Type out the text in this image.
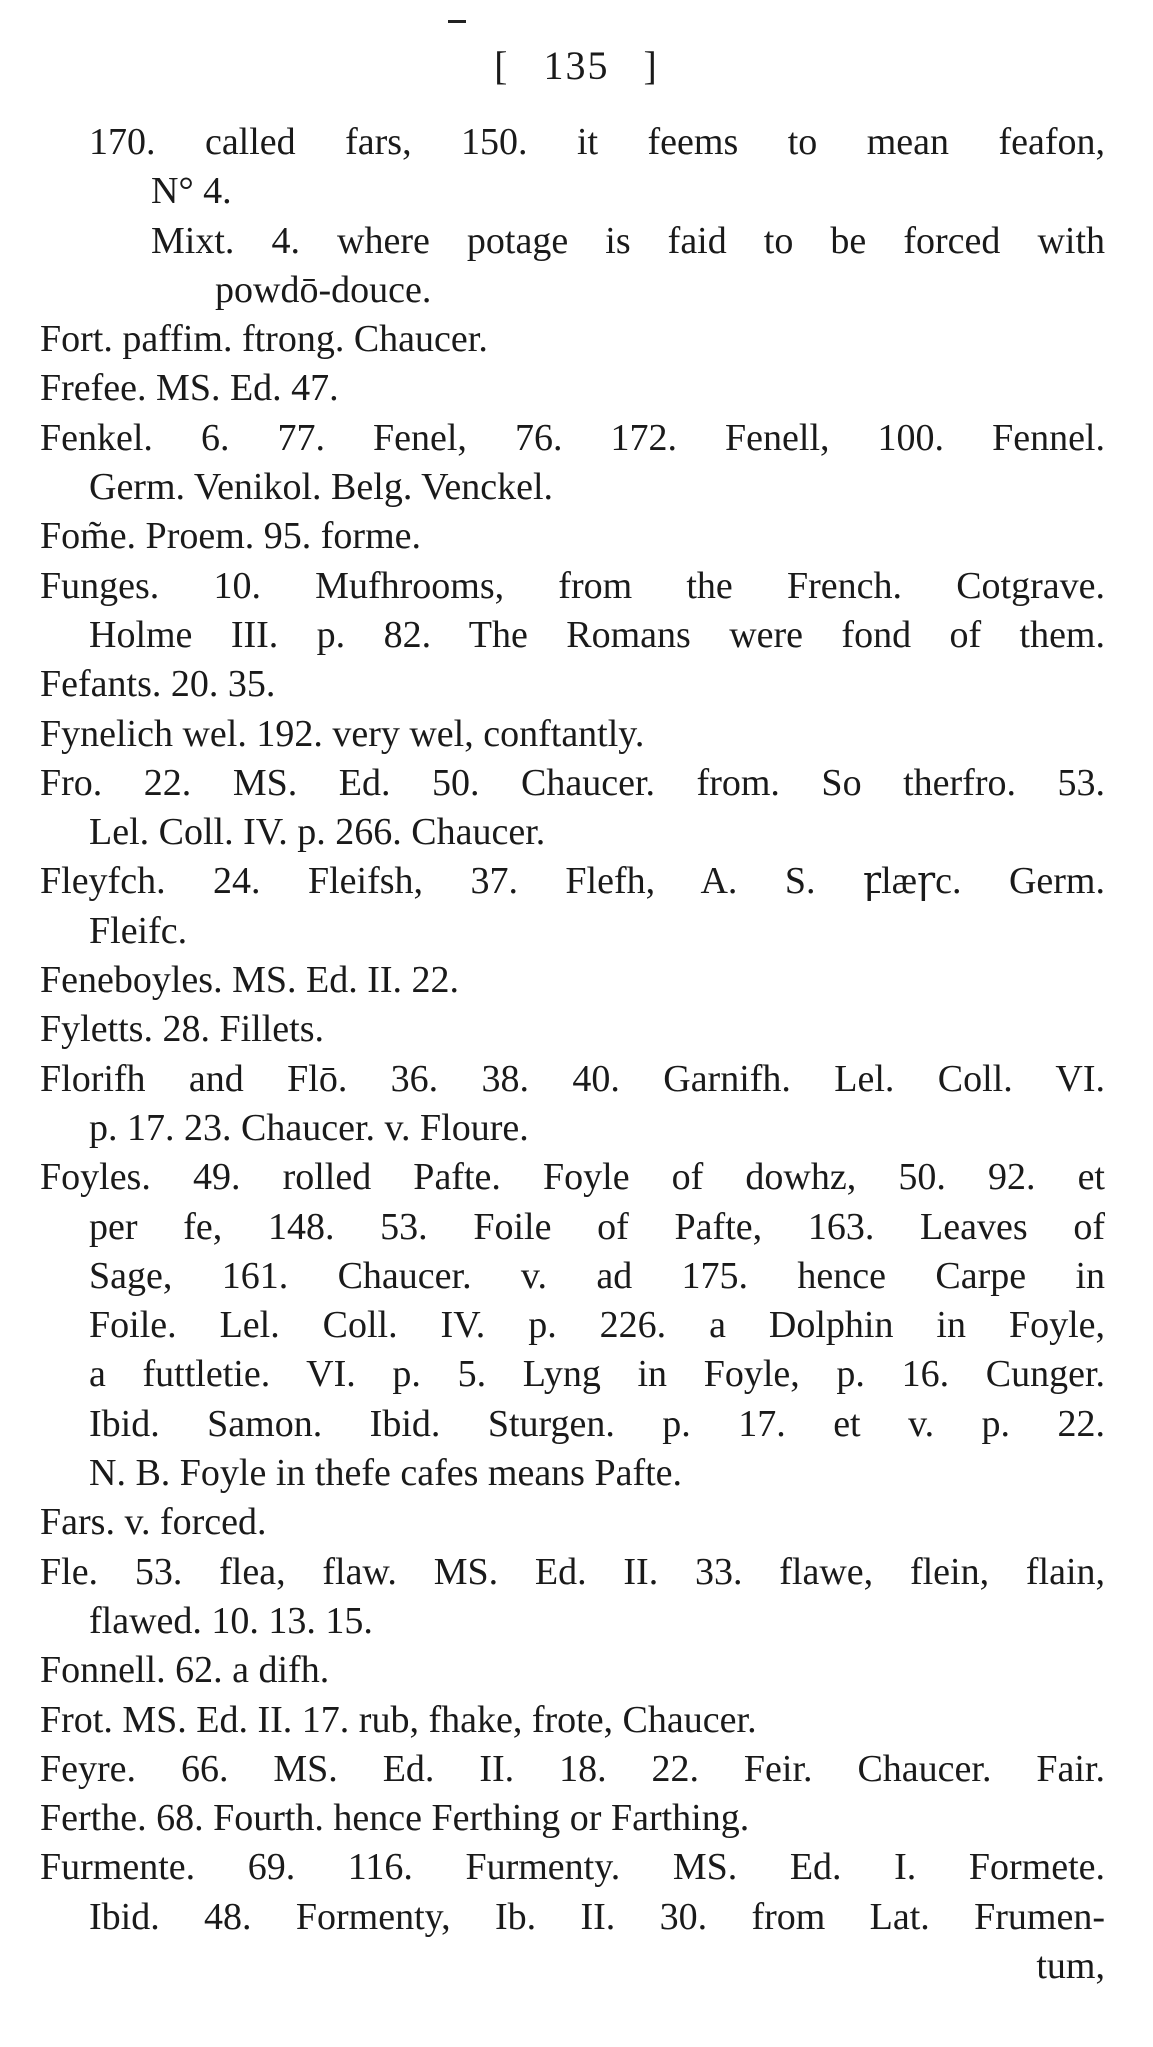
[ 135 ]
170. called fars, 150. it feems to mean feafon,
N° 4.
Mixt. 4. where potage is faid to be forced with
powdō-douce.
Fort. paffim. ftrong. Chaucer.
Frefee. MS. Ed. 47.
Fenkel. 6. 77. Fenel, 76. 172. Fenell, 100. Fennel.
Germ. Venikol. Belg. Venckel.
Fom̃e. Proem. 95. forme.
Funges. 10. Mufhrooms, from the French. Cotgrave.
Holme III. p. 82. The Romans were fond of them.
Fefants. 20. 35.
Fynelich wel. 192. very wel, conftantly.
Fro. 22. MS. Ed. 50. Chaucer. from. So therfro. 53.
Lel. Coll. IV. p. 266. Chaucer.
Fleyfch. 24. Fleifsh, 37. Flefh, A. S. ꝼlæꞅc. Germ.
Fleifc.
Feneboyles. MS. Ed. II. 22.
Fyletts. 28. Fillets.
Florifh and Flō. 36. 38. 40. Garnifh. Lel. Coll. VI.
p. 17. 23. Chaucer. v. Floure.
Foyles. 49. rolled Pafte. Foyle of dowhz, 50. 92. et
per fe, 148. 53. Foile of Pafte, 163. Leaves of
Sage, 161. Chaucer. v. ad 175. hence Carpe in
Foile. Lel. Coll. IV. p. 226. a Dolphin in Foyle,
a futtletie. VI. p. 5. Lyng in Foyle, p. 16. Cunger.
Ibid. Samon. Ibid. Sturgen. p. 17. et v. p. 22.
N. B. Foyle in thefe cafes means Pafte.
Fars. v. forced.
Fle. 53. flea, flaw. MS. Ed. II. 33. flawe, flein, flain,
flawed. 10. 13. 15.
Fonnell. 62. a difh.
Frot. MS. Ed. II. 17. rub, fhake, frote, Chaucer.
Feyre. 66. MS. Ed. II. 18. 22. Feir. Chaucer. Fair.
Ferthe. 68. Fourth. hence Ferthing or Farthing.
Furmente. 69. 116. Furmenty. MS. Ed. I. Formete.
Ibid. 48. Formenty, Ib. II. 30. from Lat. Frumen-
tum,
